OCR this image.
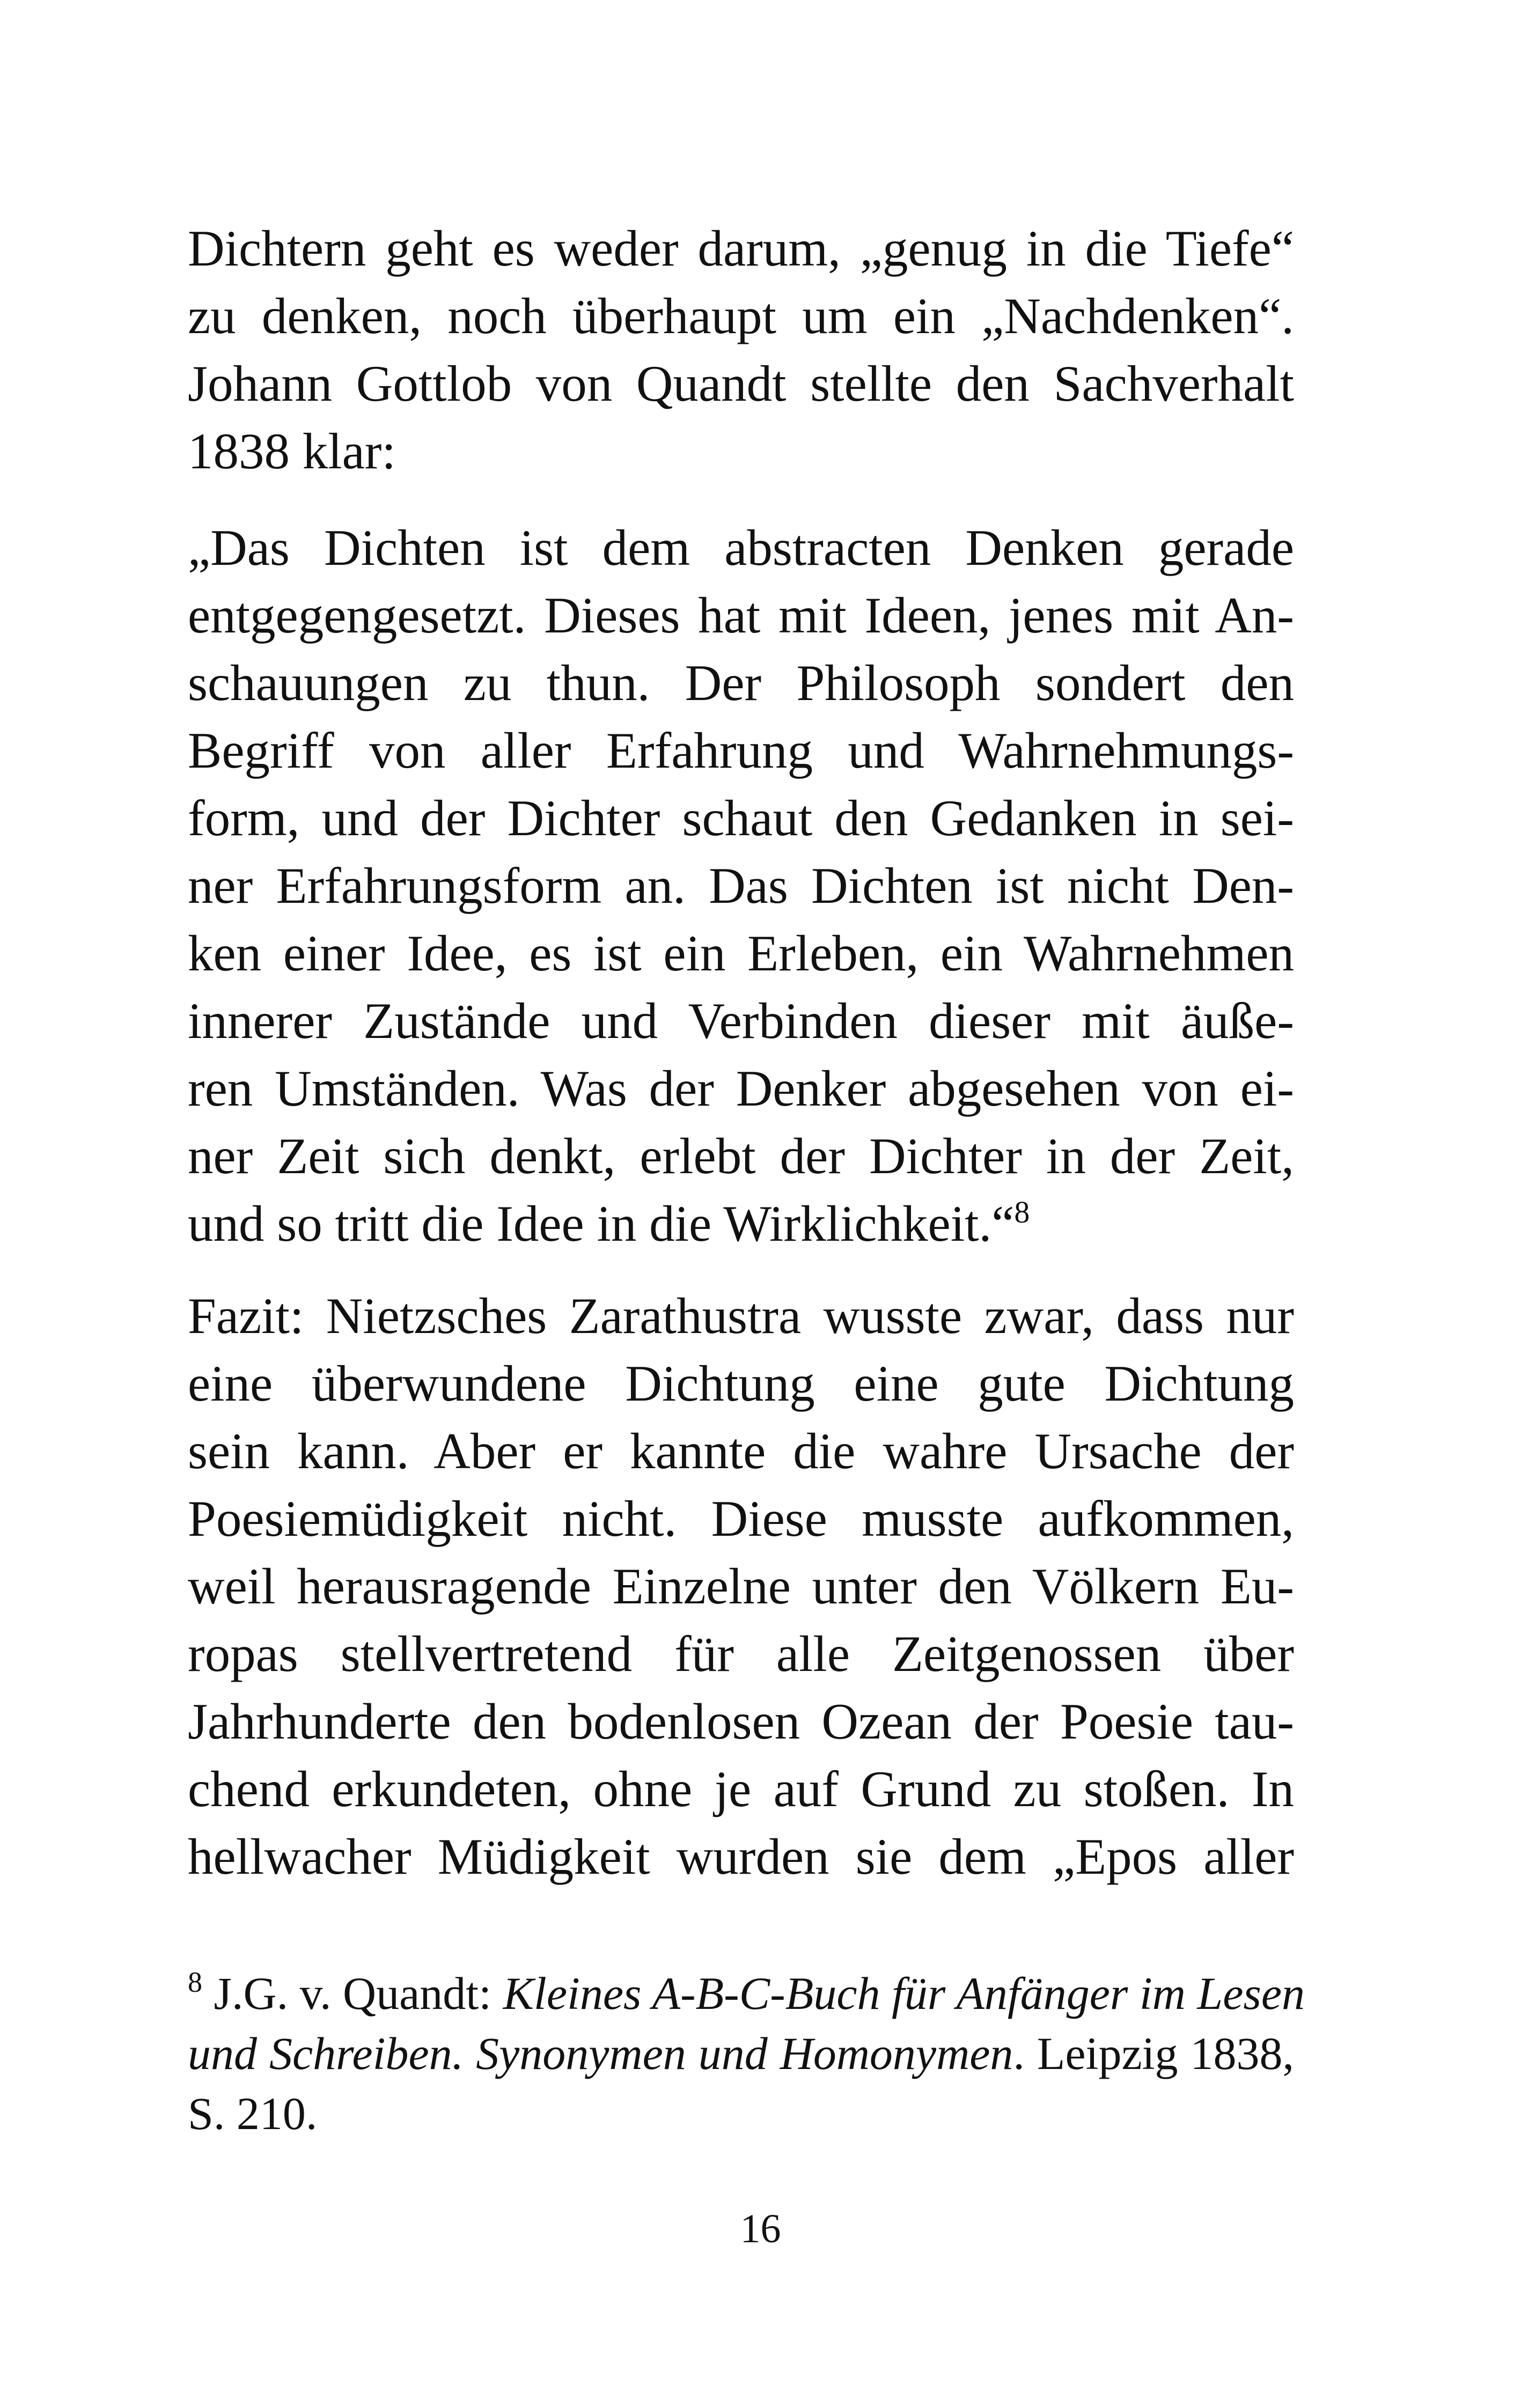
Dichtern geht es weder darum, „genug in die Tiefe“
zu denken, noch überhaupt um ein „Nachdenken“.
Johann Gottlob von Quandt stellte den Sachverhalt
1838 klar:
„Das Dichten ist dem abstracten Denken gerade
entgegengesetzt. Dieses hat mit Ideen, jenes mit An-
schauungen zu thun. Der Philosoph sondert den
Begriff von aller Erfahrung und Wahrnehmungs-
form, und der Dichter schaut den Gedanken in sei-
ner Erfahrungsform an. Das Dichten ist nicht Den-
ken einer Idee, es ist ein Erleben, ein Wahrnehmen
innerer Zustände und Verbinden dieser mit äuße-
ren Umständen. Was der Denker abgesehen von ei-
ner Zeit sich denkt, erlebt der Dichter in der Zeit,
und so tritt die Idee in die Wirklichkeit.“$^8$
Fazit: Nietzsches Zarathustra wusste zwar, dass nur
eine überwundene Dichtung eine gute Dichtung
sein kann. Aber er kannte die wahre Ursache der
Poesiemüdigkeit nicht. Diese musste aufkommen,
weil herausragende Einzelne unter den Völkern Eu-
ropas stellvertretend für alle Zeitgenossen über
Jahrhunderte den bodenlosen Ozean der Poesie tau-
chend erkundeten, ohne je auf Grund zu stoßen. In
hellwacher Müdigkeit wurden sie dem „Epos aller
$^8$ J.G. v. Quandt: Kleines A-B-C-Buch für Anfänger im Lesen
und Schreiben. Synonymen und Homonymen. Leipzig 1838,
S. 210.
16
